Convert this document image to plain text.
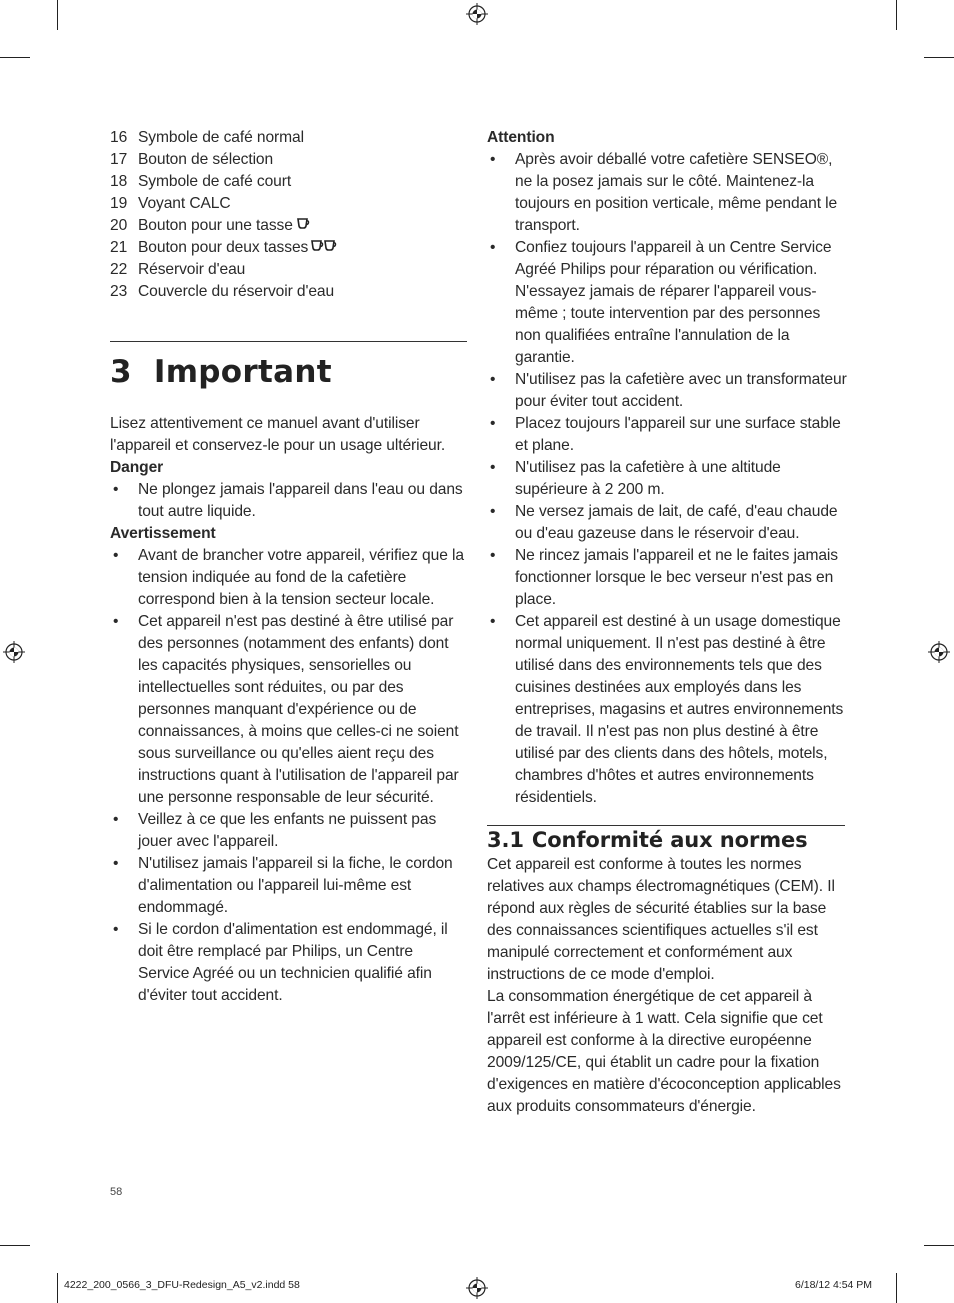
16 Symbole de café normal
17 Bouton de sélection
18 Symbole de café court
19 Voyant CALC
20 Bouton pour une tasse
21 Bouton pour deux tasses
22 Réservoir d'eau
23 Couvercle du réservoir d'eau
3 Important

Lisez attentivement ce manuel avant d'utiliser l'appareil et conservez-le pour un usage ultérieur.

Danger

• Ne plongez jamais l'appareil dans l'eau ou dans tout autre liquide.

Avertissement

• Avant de brancher votre appareil, vérifiez que la tension indiquée au fond de la cafetière correspond bien à la tension secteur locale.
• Cet appareil n'est pas destiné à être utilisé par des personnes (notamment des enfants) dont les capacités physiques, sensorielles ou intellectuelles sont réduites, ou par des personnes manquant d'expérience ou de connaissances, à moins que celles-ci ne soient sous surveillance ou qu'elles aient reçu des instructions quant à l'utilisation de l'appareil par une personne responsable de leur sécurité.
• Veillez à ce que les enfants ne puissent pas jouer avec l'appareil.
• N'utilisez jamais l'appareil si la fiche, le cordon d'alimentation ou l'appareil lui-même est endommagé.
• Si le cordon d'alimentation est endommagé, il doit être remplacé par Philips, un Centre Service Agréé ou un technicien qualifié afin d'éviter tout accident.

Attention

• Après avoir déballé votre cafetière SENSEO®, ne la posez jamais sur le côté. Maintenez-la toujours en position verticale, même pendant le transport.
• Confiez toujours l'appareil à un Centre Service Agréé Philips pour réparation ou vérification. N'essayez jamais de réparer l'appareil vous-même ; toute intervention par des personnes non qualifiées entraîne l'annulation de la garantie.
• N'utilisez pas la cafetière avec un transformateur pour éviter tout accident.
• Placez toujours l'appareil sur une surface stable et plane.
• N'utilisez pas la cafetière à une altitude supérieure à 2 200 m.
• Ne versez jamais de lait, de café, d'eau chaude ou d'eau gazeuse dans le réservoir d'eau.
• Ne rincez jamais l'appareil et ne le faites jamais fonctionner lorsque le bec verseur n'est pas en place.
• Cet appareil est destiné à un usage domestique normal uniquement. Il n'est pas destiné à être utilisé dans des environnements tels que des cuisines destinées aux employés dans les entreprises, magasins et autres environnements de travail. Il n'est pas non plus destiné à être utilisé par des clients dans des hôtels, motels, chambres d'hôtes et autres environnements résidentiels.
3.1 Conformité aux normes

Cet appareil est conforme à toutes les normes relatives aux champs électromagnétiques (CEM). Il répond aux règles de sécurité établies sur la base des connaissances scientifiques actuelles s'il est manipulé correctement et conformément aux instructions de ce mode d'emploi.

La consommation énergétique de cet appareil à l'arrêt est inférieure à 1 watt. Cela signifie que cet appareil est conforme à la directive européenne 2009/125/CE, qui établit un cadre pour la fixation d'exigences en matière d'écoconception applicables aux produits consommateurs d'énergie.

58
4222_200_0566_3_DFU-Redesign_A5_v2.indd 58	6/18/12 4:54 PM
